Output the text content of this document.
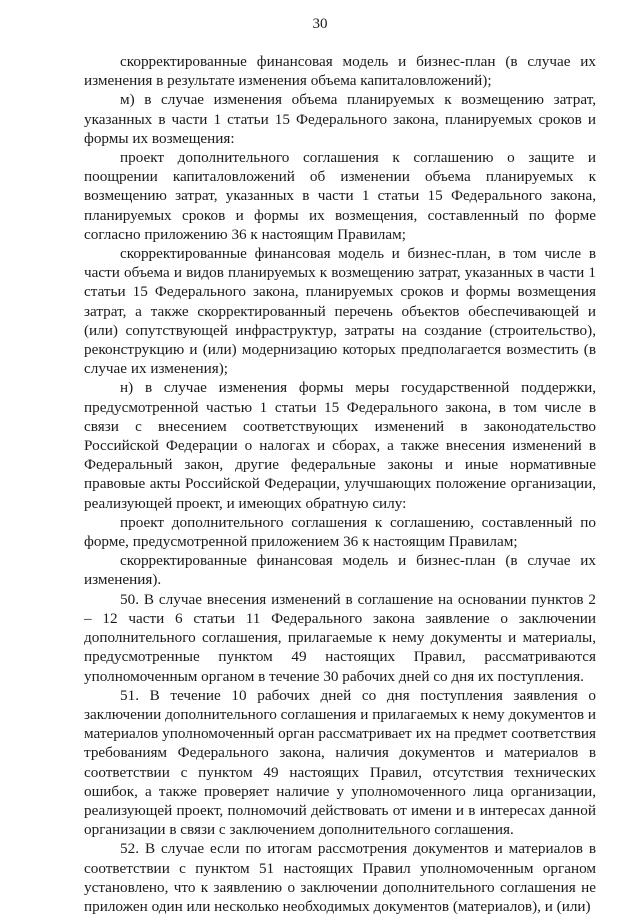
30

скорректированные финансовая модель и бизнес-план (в случае их изменения в результате изменения объема капиталовложений);

м) в случае изменения объема планируемых к возмещению затрат, указанных в части 1 статьи 15 Федерального закона, планируемых сроков и формы их возмещения:

проект дополнительного соглашения к соглашению о защите и поощрении капиталовложений об изменении объема планируемых к возмещению затрат, указанных в части 1 статьи 15 Федерального закона, планируемых сроков и формы их возмещения, составленный по форме согласно приложению 36 к настоящим Правилам;

скорректированные финансовая модель и бизнес-план, в том числе в части объема и видов планируемых к возмещению затрат, указанных в части 1 статьи 15 Федерального закона, планируемых сроков и формы возмещения затрат, а также скорректированный перечень объектов обеспечивающей и (или) сопутствующей инфраструктур, затраты на создание (строительство), реконструкцию и (или) модернизацию которых предполагается возместить (в случае их изменения);

н) в случае изменения формы меры государственной поддержки, предусмотренной частью 1 статьи 15 Федерального закона, в том числе в связи с внесением соответствующих изменений в законодательство Российской Федерации о налогах и сборах, а также внесения изменений в Федеральный закон, другие федеральные законы и иные нормативные правовые акты Российской Федерации, улучшающих положение организации, реализующей проект, и имеющих обратную силу:

проект дополнительного соглашения к соглашению, составленный по форме, предусмотренной приложением 36 к настоящим Правилам;

скорректированные финансовая модель и бизнес-план (в случае их изменения).

50. В случае внесения изменений в соглашение на основании пунктов 2 – 12 части 6 статьи 11 Федерального закона заявление о заключении дополнительного соглашения, прилагаемые к нему документы и материалы, предусмотренные пунктом 49 настоящих Правил, рассматриваются уполномоченным органом в течение 30 рабочих дней со дня их поступления.

51. В течение 10 рабочих дней со дня поступления заявления о заключении дополнительного соглашения и прилагаемых к нему документов и материалов уполномоченный орган рассматривает их на предмет соответствия требованиям Федерального закона, наличия документов и материалов в соответствии с пунктом 49 настоящих Правил, отсутствия технических ошибок, а также проверяет наличие у уполномоченного лица организации, реализующей проект, полномочий действовать от имени и в интересах данной организации в связи с заключением дополнительного соглашения.

52. В случае если по итогам рассмотрения документов и материалов в соответствии с пунктом 51 настоящих Правил уполномоченным органом установлено, что к заявлению о заключении дополнительного соглашения не приложен один или несколько необходимых документов (материалов), и (или)
